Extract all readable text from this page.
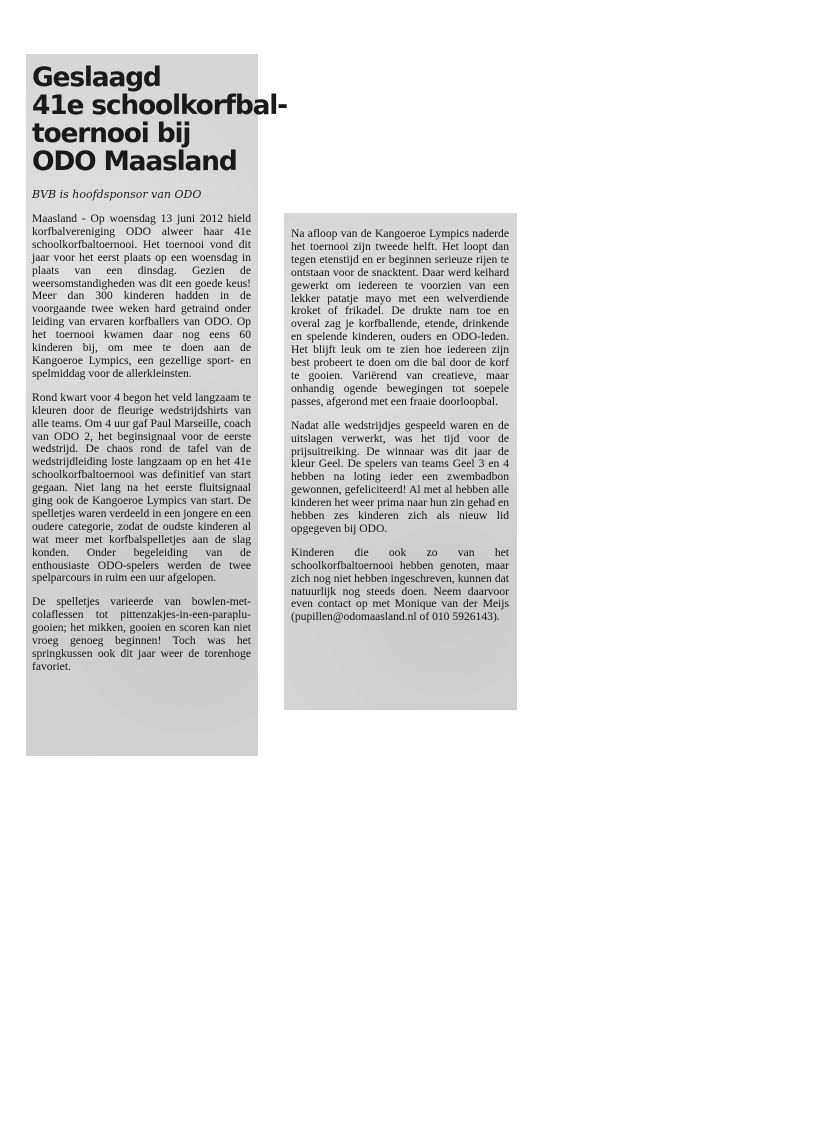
Geslaagd
41e schoolkorfbal-
toernooi bij
ODO Maasland

BVB is hoofdsponsor van ODO

Maasland - Op woensdag 13 juni 2012 hield korfbalvereniging ODO alweer haar 41e schoolkorfbaltoernooi. Het toernooi vond dit jaar voor het eerst plaats op een woensdag in plaats van een dinsdag. Gezien de weersomstandigheden was dit een goede keus! Meer dan 300 kinderen hadden in de voorgaande twee weken hard getraind onder leiding van ervaren korfballers van ODO. Op het toernooi kwamen daar nog eens 60 kinderen bij, om mee te doen aan de Kangoeroe Lympics, een gezellige sport- en spelmiddag voor de allerkleinsten.

Rond kwart voor 4 begon het veld langzaam te kleuren door de fleurige wedstrijdshirts van alle teams. Om 4 uur gaf Paul Marseille, coach van ODO 2, het beginsignaal voor de eerste wedstrijd. De chaos rond de tafel van de wedstrijdleiding loste langzaam op en het 41e schoolkorfbaltoernooi was definitief van start gegaan. Niet lang na het eerste fluitsignaal ging ook de Kangoeroe Lympics van start. De spelletjes waren verdeeld in een jongere en een oudere categorie, zodat de oudste kinderen al wat meer met korfbalspelletjes aan de slag konden. Onder begeleiding van de enthousiaste ODO-spelers werden de twee spelparcours in ruim een uur afgelopen.

De spelletjes varieerde van bowlen-met-colaflessen tot pittenzakjes-in-een-paraplu-gooien; het mikken, gooien en scoren kan niet vroeg genoeg beginnen! Toch was het springkussen ook dit jaar weer de torenhoge favoriet.

Na afloop van de Kangoeroe Lympics naderde het toernooi zijn tweede helft. Het loopt dan tegen etenstijd en er beginnen serieuze rijen te ontstaan voor de snacktent. Daar werd keihard gewerkt om iedereen te voorzien van een lekker patatje mayo met een welverdiende kroket of frikadel. De drukte nam toe en overal zag je korfballende, etende, drinkende en spelende kinderen, ouders en ODO-leden. Het blijft leuk om te zien hoe iedereen zijn best probeert te doen om die bal door de korf te gooien. Variërend van creatieve, maar onhandig ogende bewegingen tot soepele passes, afgerond met een fraaie doorloopbal.

Nadat alle wedstrijdjes gespeeld waren en de uitslagen verwerkt, was het tijd voor de prijsuitreiking. De winnaar was dit jaar de kleur Geel. De spelers van teams Geel 3 en 4 hebben na loting ieder een zwembadbon gewonnen, gefeliciteerd! Al met al hebben alle kinderen het weer prima naar hun zin gehad en hebben zes kinderen zich als nieuw lid opgegeven bij ODO.

Kinderen die ook zo van het schoolkorfbaltoernooi hebben genoten, maar zich nog niet hebben ingeschreven, kunnen dat natuurlijk nog steeds doen. Neem daarvoor even contact op met Monique van der Meijs (pupillen@odomaasland.nl of 010 5926143).
